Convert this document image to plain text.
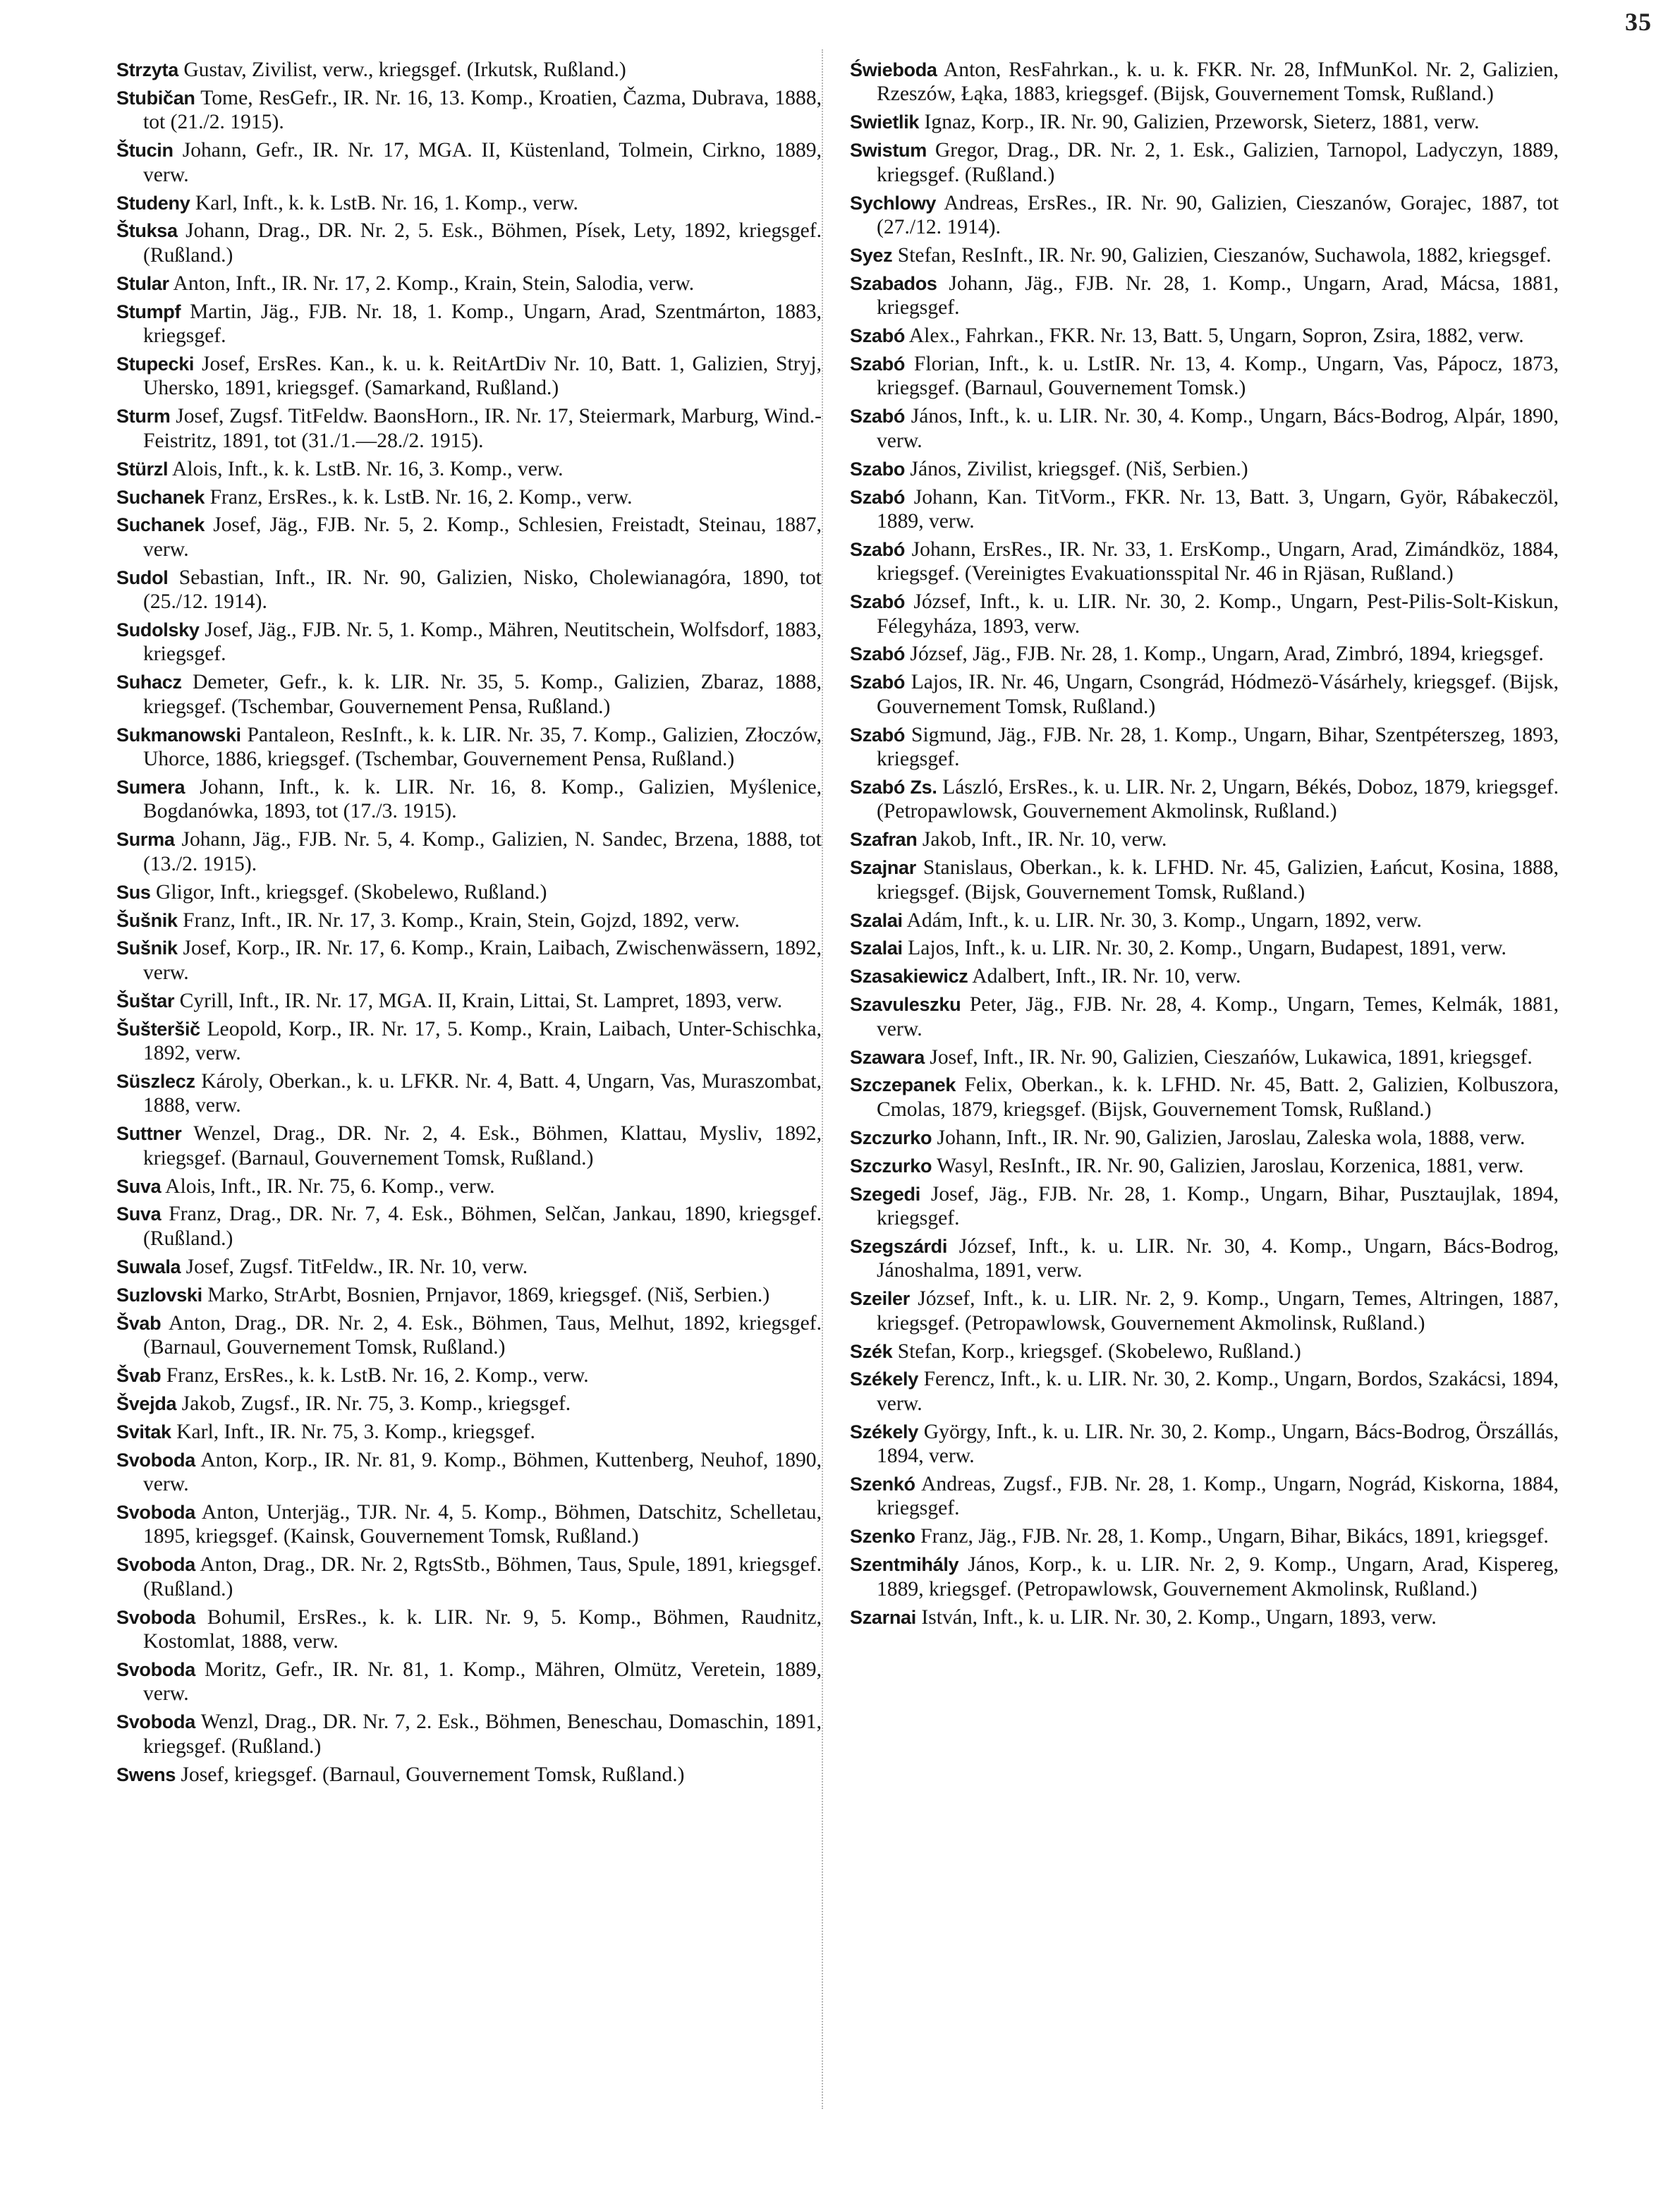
35

Strzyta Gustav, Zivilist, verw., kriegsgef. (Irkutsk, Rußland.)

Stubičan Tome, ResGefr., IR. Nr. 16, 13. Komp., Kroatien, Čazma, Dubrava, 1888, tot (21./2. 1915).

Štucin Johann, Gefr., IR. Nr. 17, MGA. II, Küstenland, Tolmein, Cirkno, 1889, verw.

Studeny Karl, Inft., k. k. LstB. Nr. 16, 1. Komp., verw.

Štuksa Johann, Drag., DR. Nr. 2, 5. Esk., Böhmen, Písek, Lety, 1892, kriegsgef. (Rußland.)

Stular Anton, Inft., IR. Nr. 17, 2. Komp., Krain, Stein, Salodia, verw.

Stumpf Martin, Jäg., FJB. Nr. 18, 1. Komp., Ungarn, Arad, Szentmárton, 1883, kriegsgef.

Stupecki Josef, ErsRes. Kan., k. u. k. ReitArtDiv Nr. 10, Batt. 1, Galizien, Stryj, Uhersko, 1891, kriegsgef. (Samarkand, Rußland.)

Sturm Josef, Zugsf. TitFeldw. BaonsHorn., IR. Nr. 17, Steiermark, Marburg, Wind.-Feistritz, 1891, tot (31./1.—28./2. 1915).

Stürzl Alois, Inft., k. k. LstB. Nr. 16, 3. Komp., verw.

Suchanek Franz, ErsRes., k. k. LstB. Nr. 16, 2. Komp., verw.

Suchanek Josef, Jäg., FJB. Nr. 5, 2. Komp., Schlesien, Freistadt, Steinau, 1887, verw.

Sudol Sebastian, Inft., IR. Nr. 90, Galizien, Nisko, Cholewianagóra, 1890, tot (25./12. 1914).

Sudolsky Josef, Jäg., FJB. Nr. 5, 1. Komp., Mähren, Neutitschein, Wolfsdorf, 1883, kriegsgef.

Suhacz Demeter, Gefr., k. k. LIR. Nr. 35, 5. Komp., Galizien, Zbaraz, 1888, kriegsgef. (Tschembar, Gouvernement Pensa, Rußland.)

Sukmanowski Pantaleon, ResInft., k. k. LIR. Nr. 35, 7. Komp., Galizien, Złoczów, Uhorce, 1886, kriegsgef. (Tschembar, Gouvernement Pensa, Rußland.)

Sumera Johann, Inft., k. k. LIR. Nr. 16, 8. Komp., Galizien, Myślenice, Bogdanówka, 1893, tot (17./3. 1915).

Surma Johann, Jäg., FJB. Nr. 5, 4. Komp., Galizien, N. Sandec, Brzena, 1888, tot (13./2. 1915).

Sus Gligor, Inft., kriegsgef. (Skobelewo, Rußland.)

Šušnik Franz, Inft., IR. Nr. 17, 3. Komp., Krain, Stein, Gojzd, 1892, verw.

Sušnik Josef, Korp., IR. Nr. 17, 6. Komp., Krain, Laibach, Zwischenwässern, 1892, verw.

Šuštar Cyrill, Inft., IR. Nr. 17, MGA. II, Krain, Littai, St. Lampret, 1893, verw.

Šušteršič Leopold, Korp., IR. Nr. 17, 5. Komp., Krain, Laibach, Unter-Schischka, 1892, verw.

Süszlecz Károly, Oberkan., k. u. LFKR. Nr. 4, Batt. 4, Ungarn, Vas, Muraszombat, 1888, verw.

Suttner Wenzel, Drag., DR. Nr. 2, 4. Esk., Böhmen, Klattau, Mysliv, 1892, kriegsgef. (Barnaul, Gouvernement Tomsk, Rußland.)

Suva Alois, Inft., IR. Nr. 75, 6. Komp., verw.

Suva Franz, Drag., DR. Nr. 7, 4. Esk., Böhmen, Selčan, Jankau, 1890, kriegsgef. (Rußland.)

Suwala Josef, Zugsf. TitFeldw., IR. Nr. 10, verw.

Suzlovski Marko, StrArbt, Bosnien, Prnjavor, 1869, kriegsgef. (Niš, Serbien.)

Švab Anton, Drag., DR. Nr. 2, 4. Esk., Böhmen, Taus, Melhut, 1892, kriegsgef. (Barnaul, Gouvernement Tomsk, Rußland.)

Švab Franz, ErsRes., k. k. LstB. Nr. 16, 2. Komp., verw.

Švejda Jakob, Zugsf., IR. Nr. 75, 3. Komp., kriegsgef.

Svitak Karl, Inft., IR. Nr. 75, 3. Komp., kriegsgef.

Svoboda Anton, Korp., IR. Nr. 81, 9. Komp., Böhmen, Kuttenberg, Neuhof, 1890, verw.

Svoboda Anton, Unterjäg., TJR. Nr. 4, 5. Komp., Böhmen, Datschitz, Schelletau, 1895, kriegsgef. (Kainsk, Gouvernement Tomsk, Rußland.)

Svoboda Anton, Drag., DR. Nr. 2, RgtsStb., Böhmen, Taus, Spule, 1891, kriegsgef. (Rußland.)

Svoboda Bohumil, ErsRes., k. k. LIR. Nr. 9, 5. Komp., Böhmen, Raudnitz, Kostomlat, 1888, verw.

Svoboda Moritz, Gefr., IR. Nr. 81, 1. Komp., Mähren, Olmütz, Veretein, 1889, verw.

Svoboda Wenzl, Drag., DR. Nr. 7, 2. Esk., Böhmen, Beneschau, Domaschin, 1891, kriegsgef. (Rußland.)

Swens Josef, kriegsgef. (Barnaul, Gouvernement Tomsk, Rußland.)

Świeboda Anton, ResFahrkan., k. u. k. FKR. Nr. 28, InfMunKol. Nr. 2, Galizien, Rzeszów, Łąka, 1883, kriegsgef. (Bijsk, Gouvernement Tomsk, Rußland.)

Swietlik Ignaz, Korp., IR. Nr. 90, Galizien, Przeworsk, Sieterz, 1881, verw.

Swistum Gregor, Drag., DR. Nr. 2, 1. Esk., Galizien, Tarnopol, Ladyczyn, 1889, kriegsgef. (Rußland.)

Sychlowy Andreas, ErsRes., IR. Nr. 90, Galizien, Cieszanów, Gorajec, 1887, tot (27./12. 1914).

Syez Stefan, ResInft., IR. Nr. 90, Galizien, Cieszanów, Suchawola, 1882, kriegsgef.

Szabados Johann, Jäg., FJB. Nr. 28, 1. Komp., Ungarn, Arad, Mácsa, 1881, kriegsgef.

Szabó Alex., Fahrkan., FKR. Nr. 13, Batt. 5, Ungarn, Sopron, Zsira, 1882, verw.

Szabó Florian, Inft., k. u. LstIR. Nr. 13, 4. Komp., Ungarn, Vas, Pápocz, 1873, kriegsgef. (Barnaul, Gouvernement Tomsk.)

Szabó János, Inft., k. u. LIR. Nr. 30, 4. Komp., Ungarn, Bács-Bodrog, Alpár, 1890, verw.

Szabo János, Zivilist, kriegsgef. (Niš, Serbien.)

Szabó Johann, Kan. TitVorm., FKR. Nr. 13, Batt. 3, Ungarn, Györ, Rábakeczöl, 1889, verw.

Szabó Johann, ErsRes., IR. Nr. 33, 1. ErsKomp., Ungarn, Arad, Zimándköz, 1884, kriegsgef. (Vereinigtes Evakuationsspital Nr. 46 in Rjäsan, Rußland.)

Szabó József, Inft., k. u. LIR. Nr. 30, 2. Komp., Ungarn, Pest-Pilis-Solt-Kiskun, Félegyháza, 1893, verw.

Szabó József, Jäg., FJB. Nr. 28, 1. Komp., Ungarn, Arad, Zimbró, 1894, kriegsgef.

Szabó Lajos, IR. Nr. 46, Ungarn, Csongrád, Hódmezö-Vásárhely, kriegsgef. (Bijsk, Gouvernement Tomsk, Rußland.)

Szabó Sigmund, Jäg., FJB. Nr. 28, 1. Komp., Ungarn, Bihar, Szentpéterszeg, 1893, kriegsgef.

Szabó Zs. László, ErsRes., k. u. LIR. Nr. 2, Ungarn, Békés, Doboz, 1879, kriegsgef. (Petropawlowsk, Gouvernement Akmolinsk, Rußland.)

Szafran Jakob, Inft., IR. Nr. 10, verw.

Szajnar Stanislaus, Oberkan., k. k. LFHD. Nr. 45, Galizien, Łańcut, Kosina, 1888, kriegsgef. (Bijsk, Gouvernement Tomsk, Rußland.)

Szalai Adám, Inft., k. u. LIR. Nr. 30, 3. Komp., Ungarn, 1892, verw.

Szalai Lajos, Inft., k. u. LIR. Nr. 30, 2. Komp., Ungarn, Budapest, 1891, verw.

Szasakiewicz Adalbert, Inft., IR. Nr. 10, verw.

Szavuleszku Peter, Jäg., FJB. Nr. 28, 4. Komp., Ungarn, Temes, Kelmák, 1881, verw.

Szawara Josef, Inft., IR. Nr. 90, Galizien, Cieszańów, Lukawica, 1891, kriegsgef.

Szczepanek Felix, Oberkan., k. k. LFHD. Nr. 45, Batt. 2, Galizien, Kolbuszora, Cmolas, 1879, kriegsgef. (Bijsk, Gouvernement Tomsk, Rußland.)

Szczurko Johann, Inft., IR. Nr. 90, Galizien, Jaroslau, Zaleska wola, 1888, verw.

Szczurko Wasyl, ResInft., IR. Nr. 90, Galizien, Jaroslau, Korzenica, 1881, verw.

Szegedi Josef, Jäg., FJB. Nr. 28, 1. Komp., Ungarn, Bihar, Pusztaujlak, 1894, kriegsgef.

Szegszárdi József, Inft., k. u. LIR. Nr. 30, 4. Komp., Ungarn, Bács-Bodrog, Jánoshalma, 1891, verw.

Szeiler József, Inft., k. u. LIR. Nr. 2, 9. Komp., Ungarn, Temes, Altringen, 1887, kriegsgef. (Petropawlowsk, Gouvernement Akmolinsk, Rußland.)

Szék Stefan, Korp., kriegsgef. (Skobelewo, Rußland.)

Székely Ferencz, Inft., k. u. LIR. Nr. 30, 2. Komp., Ungarn, Bordos, Szakácsi, 1894, verw.

Székely György, Inft., k. u. LIR. Nr. 30, 2. Komp., Ungarn, Bács-Bodrog, Örszállás, 1894, verw.

Szenkó Andreas, Zugsf., FJB. Nr. 28, 1. Komp., Ungarn, Nográd, Kiskorna, 1884, kriegsgef.

Szenko Franz, Jäg., FJB. Nr. 28, 1. Komp., Ungarn, Bihar, Bikács, 1891, kriegsgef.

Szentmihály János, Korp., k. u. LIR. Nr. 2, 9. Komp., Ungarn, Arad, Kispereg, 1889, kriegsgef. (Petropawlowsk, Gouvernement Akmolinsk, Rußland.)

Szarnai István, Inft., k. u. LIR. Nr. 30, 2. Komp., Ungarn, 1893, verw.
